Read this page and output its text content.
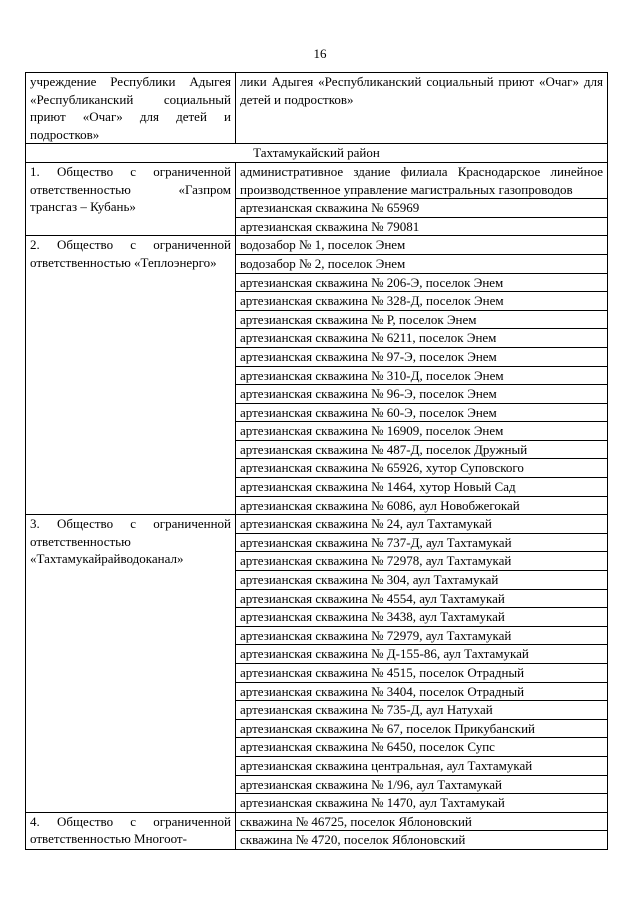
16
учреждение Республики Адыгея «Республиканский социальный приют «Очаг» для детей и подростков»	лики Адыгея «Республиканский социальный приют «Очаг» для детей и подростков»

Тахтамукайский район	

1. Общество с ограниченной ответственностью «Газпром трансгаз – Кубань»	административное здание филиала Краснодарское линейное производственное управление магистральных газопроводов

	артезианская скважина № 65969

	артезианская скважина № 79081

2. Общество с ограниченной ответственностью «Теплоэнерго»	водозабор № 1, поселок Энем

	водозабор № 2, поселок Энем

	артезианская скважина № 206-Э, поселок Энем

	артезианская скважина № 328-Д, поселок Энем

	артезианская скважина № Р, поселок Энем

	артезианская скважина № 6211, поселок Энем

	артезианская скважина № 97-Э, поселок Энем

	артезианская скважина № 310-Д, поселок Энем

	артезианская скважина № 96-Э, поселок Энем

	артезианская скважина № 60-Э, поселок Энем

	артезианская скважина № 16909, поселок Энем

	артезианская скважина № 487-Д, поселок Дружный

	артезианская скважина № 65926, хутор Суповского

	артезианская скважина № 1464, хутор Новый Сад

	артезианская скважина № 6086, аул Новобжегокай

3. Общество с ограниченной ответственностью «Тахтамукайрайводоканал»	артезианская скважина № 24, аул Тахтамукай

	артезианская скважина № 737-Д, аул Тахтамукай

	артезианская скважина № 72978, аул Тахтамукай

	артезианская скважина № 304, аул Тахтамукай

	артезианская скважина № 4554, аул Тахтамукай

	артезианская скважина № 3438, аул Тахтамукай

	артезианская скважина № 72979, аул Тахтамукай

	артезианская скважина № Д-155-86, аул Тахтамукай

	артезианская скважина № 4515, поселок Отрадный

	артезианская скважина № 3404, поселок Отрадный

	артезианская скважина № 735-Д, аул Натухай

	артезианская скважина № 67, поселок Прикубанский

	артезианская скважина № 6450, поселок Супс

	артезианская скважина центральная, аул Тахтамукай

	артезианская скважина № 1/96, аул Тахтамукай

	артезианская скважина № 1470, аул Тахтамукай

4. Общество с ограниченной ответственностью Многоот-	скважина № 46725, поселок Яблоновский

	скважина № 4720, поселок Яблоновский
